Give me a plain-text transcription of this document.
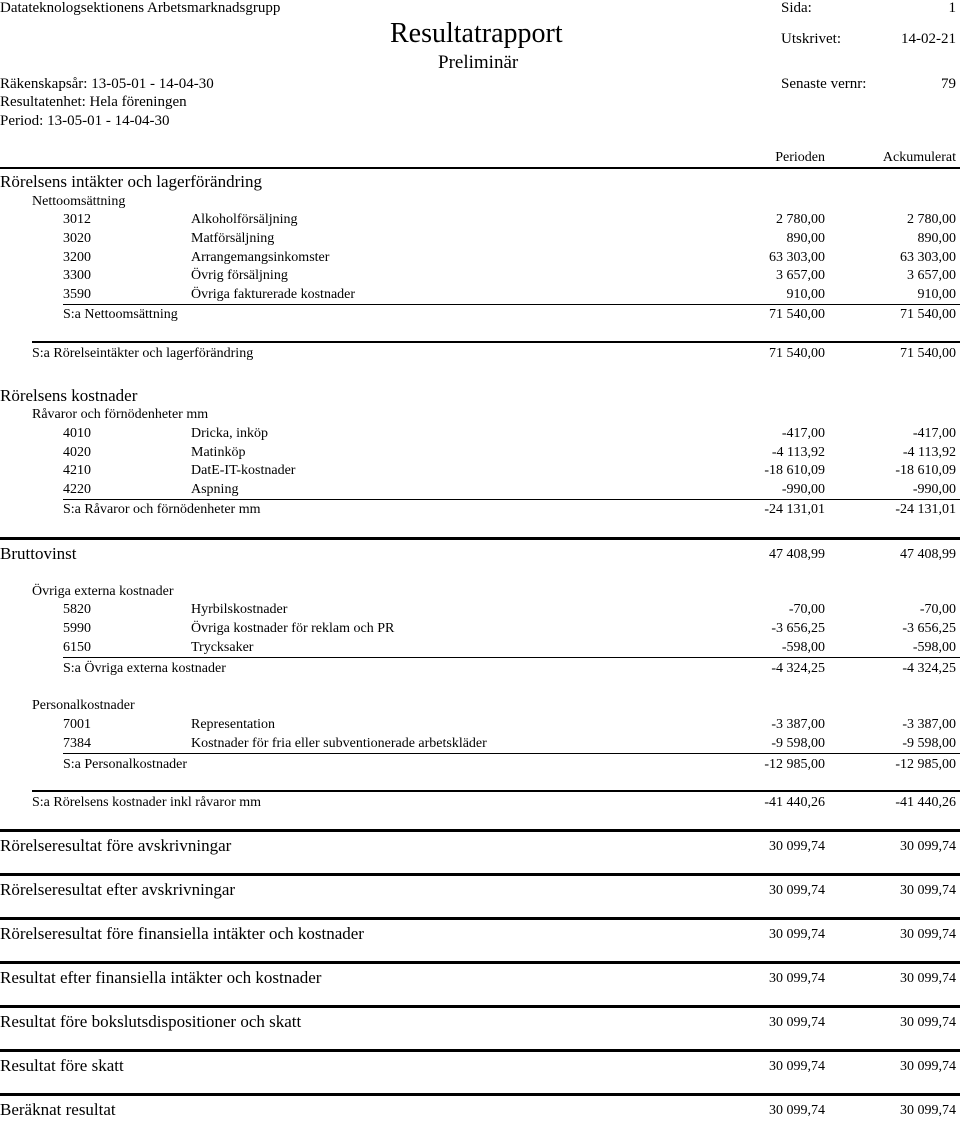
Datateknologsektionens Arbetsmarknadsgrupp	Sida:	1
Resultatrapport	Utskrivet:	14-02-21
Preliminär
Räkenskapsår: 13-05-01 - 14-04-30	Senaste vernr:	79
Resultatenhet: Hela föreningen
Period: 13-05-01 - 14-04-30
Perioden	Ackumulerat
Rörelsens intäkter och lagerförändring
Nettoomsättning
3012	Alkoholförsäljning	2 780,00	2 780,00
3020	Matförsäljning	890,00	890,00
3200	Arrangemangsinkomster	63 303,00	63 303,00
3300	Övrig försäljning	3 657,00	3 657,00
3590	Övriga fakturerade kostnader	910,00	910,00
S:a Nettoomsättning	71 540,00	71 540,00
S:a Rörelseintäkter och lagerförändring	71 540,00	71 540,00
Rörelsens kostnader
Råvaror och förnödenheter mm
4010	Dricka, inköp	-417,00	-417,00
4020	Matinköp	-4 113,92	-4 113,92
4210	DatE-IT-kostnader	-18 610,09	-18 610,09
4220	Aspning	-990,00	-990,00
S:a Råvaror och förnödenheter mm	-24 131,01	-24 131,01
Bruttovinst	47 408,99	47 408,99
Övriga externa kostnader
5820	Hyrbilskostnader	-70,00	-70,00
5990	Övriga kostnader för reklam och PR	-3 656,25	-3 656,25
6150	Trycksaker	-598,00	-598,00
S:a Övriga externa kostnader	-4 324,25	-4 324,25
Personalkostnader
7001	Representation	-3 387,00	-3 387,00
7384	Kostnader för fria eller subventionerade arbetskläder	-9 598,00	-9 598,00
S:a Personalkostnader	-12 985,00	-12 985,00
S:a Rörelsens kostnader inkl råvaror mm	-41 440,26	-41 440,26
Rörelseresultat före avskrivningar	30 099,74	30 099,74
Rörelseresultat efter avskrivningar	30 099,74	30 099,74
Rörelseresultat före finansiella intäkter och kostnader	30 099,74	30 099,74
Resultat efter finansiella intäkter och kostnader	30 099,74	30 099,74
Resultat före bokslutsdispositioner och skatt	30 099,74	30 099,74
Resultat före skatt	30 099,74	30 099,74
Beräknat resultat	30 099,74	30 099,74
